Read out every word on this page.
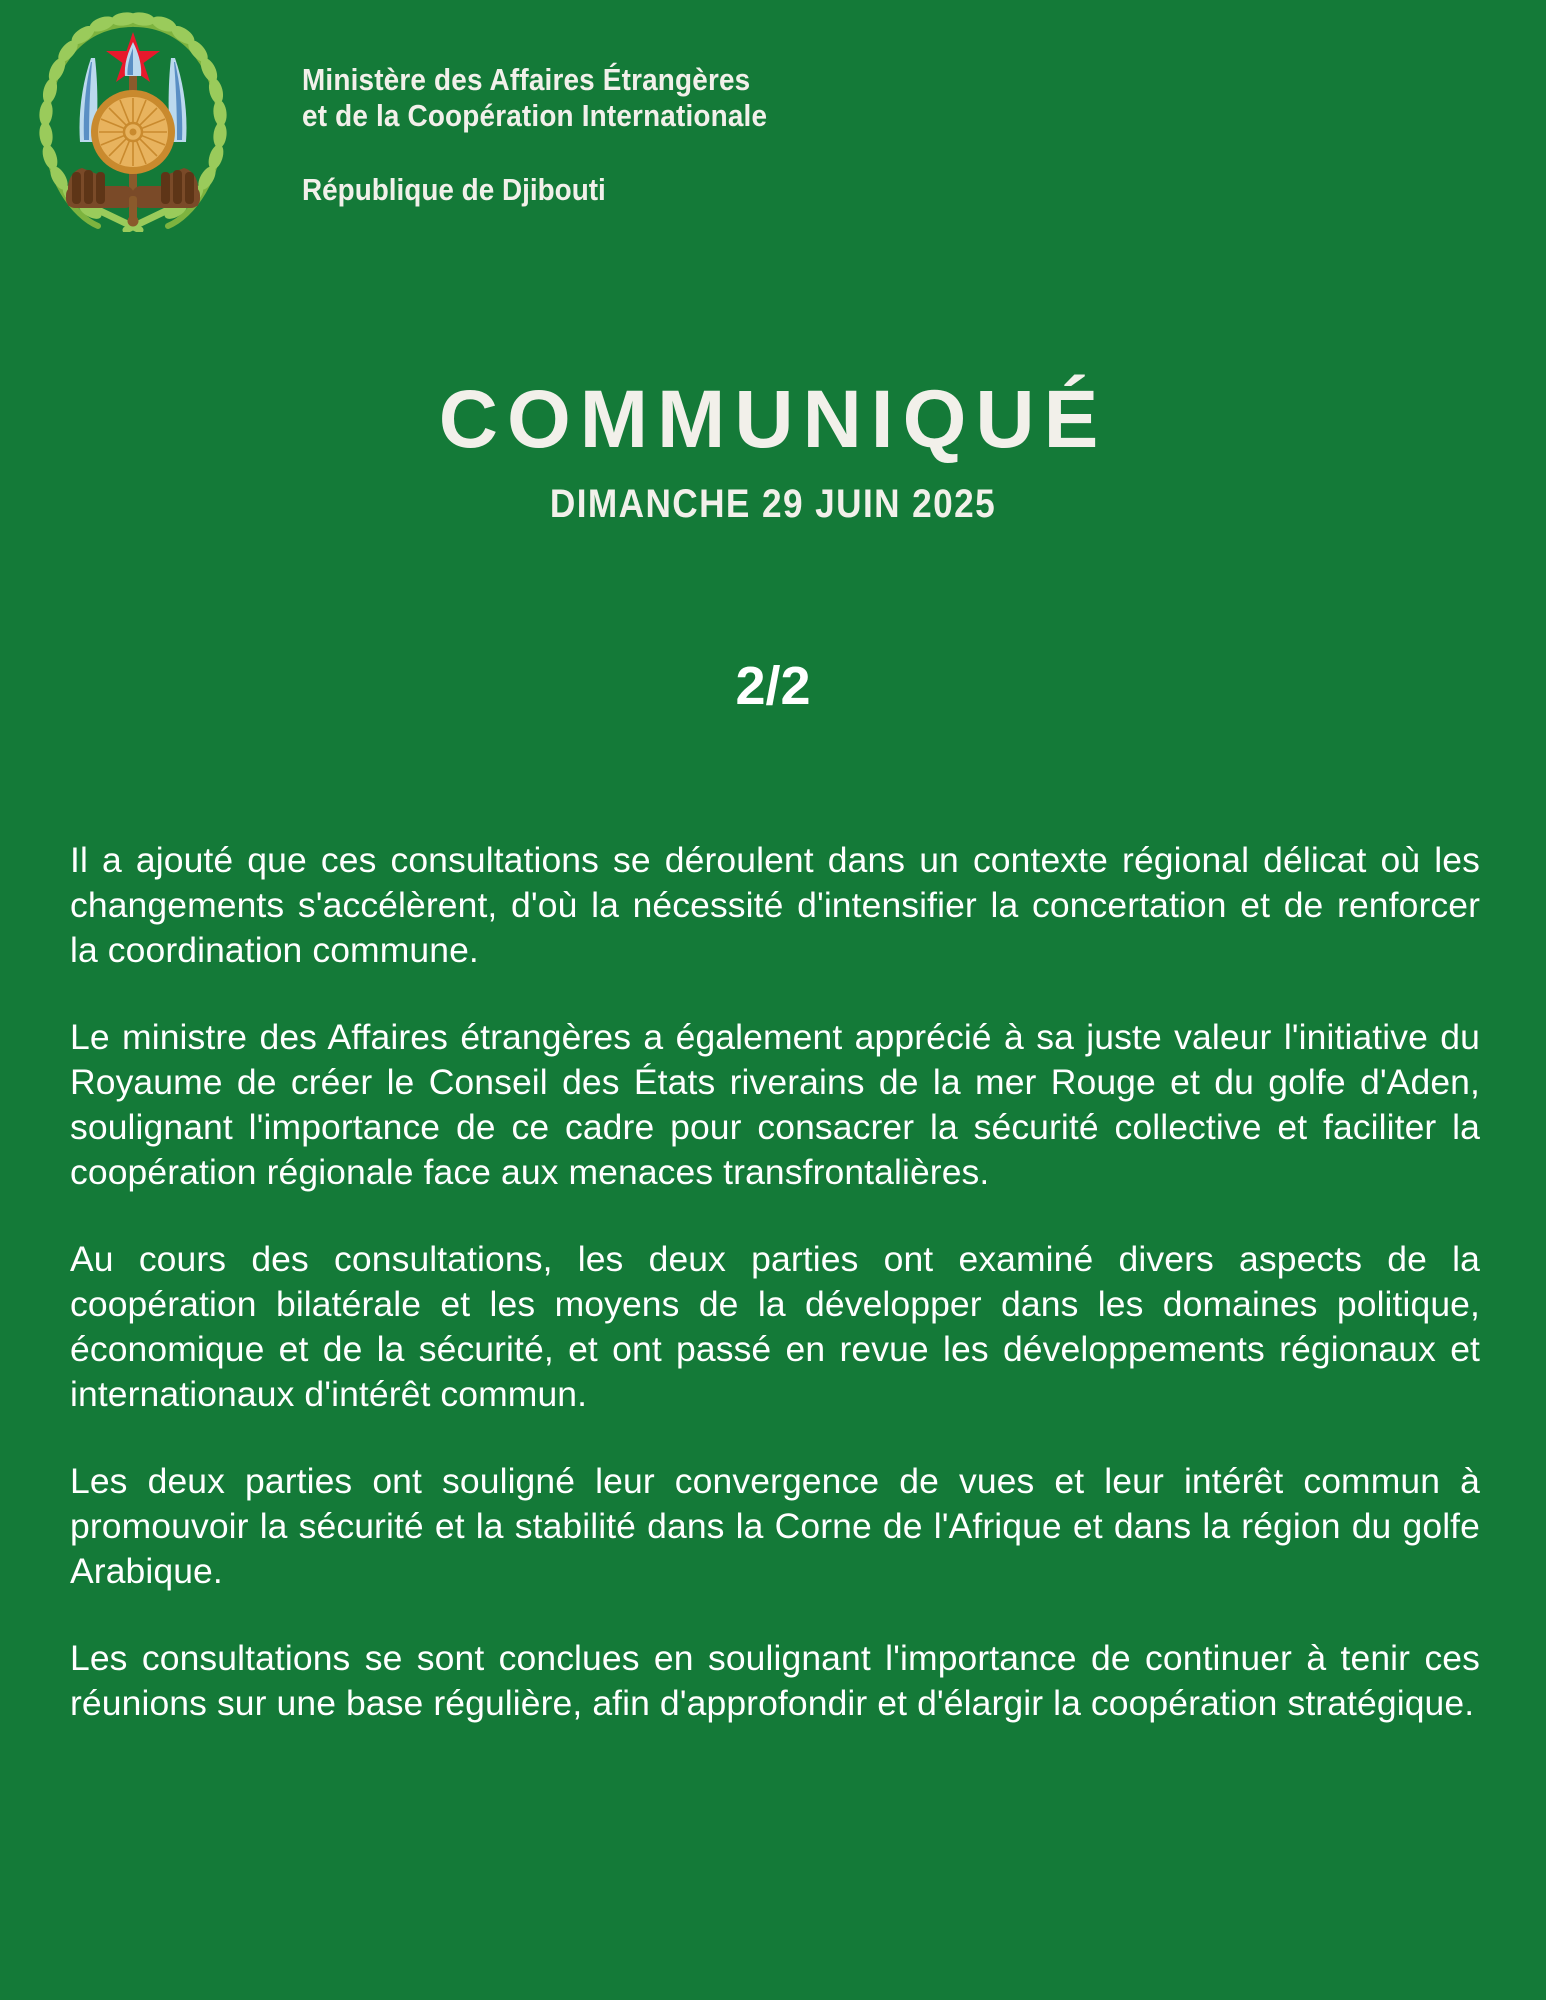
Ministère des Affaires Étrangères
et de la Coopération Internationale
République de Djibouti
COMMUNIQUÉ
DIMANCHE 29 JUIN 2025
2/2

Il a ajouté que ces consultations se déroulent dans un contexte régional délicat où les changements s'accélèrent, d'où la nécessité d'intensifier la concertation et de renforcer la coordination commune.

Le ministre des Affaires étrangères a également apprécié à sa juste valeur l'initiative du Royaume de créer le Conseil des États riverains de la mer Rouge et du golfe d'Aden, soulignant l'importance de ce cadre pour consacrer la sécurité collective et faciliter la coopération régionale face aux menaces transfrontalières.

Au cours des consultations, les deux parties ont examiné divers aspects de la coopération bilatérale et les moyens de la développer dans les domaines politique, économique et de la sécurité, et ont passé en revue les développements régionaux et internationaux d'intérêt commun.

Les deux parties ont souligné leur convergence de vues et leur intérêt commun à promouvoir la sécurité et la stabilité dans la Corne de l'Afrique et dans la région du golfe Arabique.

Les consultations se sont conclues en soulignant l'importance de continuer à tenir ces réunions sur une base régulière, afin d'approfondir et d'élargir la coopération stratégique.
